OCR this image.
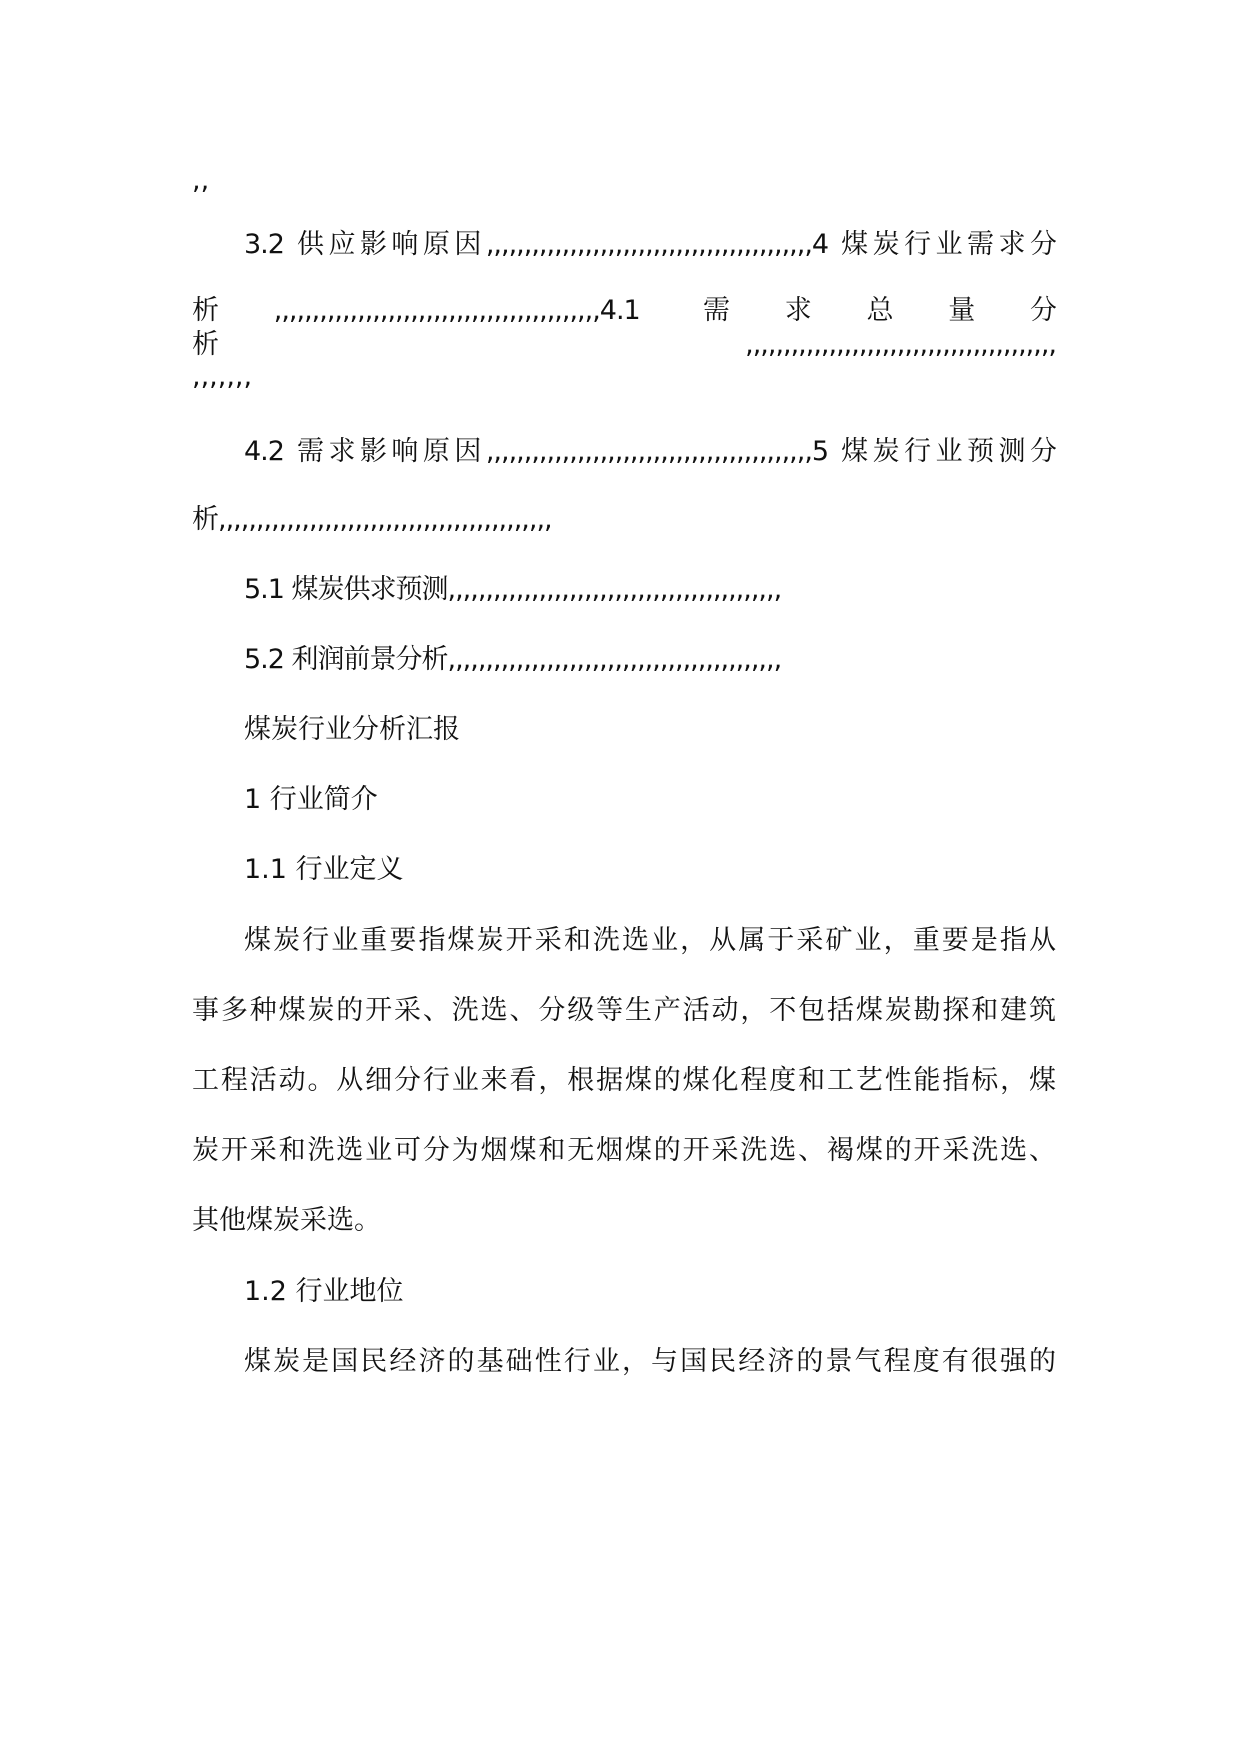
,,
3.2 供应影响原因,,,,,,,,,,,,,,,,,,,,,,,,,,,,,,,,,,,,,,,,,,,4 煤炭行业需求分
析,,,,,,,,,,,,,,,,,,,,,,,,,,,,,,,,,,,,,,,,,,,4.1 需求总量分析,,,,,,,,,,,,,,,,,,,,,,,,,,,,,,,,,,,,,,,,,
,,,,,,,
4.2 需求影响原因,,,,,,,,,,,,,,,,,,,,,,,,,,,,,,,,,,,,,,,,,,,5 煤炭行业预测分
析,,,,,,,,,,,,,,,,,,,,,,,,,,,,,,,,,,,,,,,,,,,,
5.1 煤炭供求预测,,,,,,,,,,,,,,,,,,,,,,,,,,,,,,,,,,,,,,,,,,,,
5.2 利润前景分析,,,,,,,,,,,,,,,,,,,,,,,,,,,,,,,,,,,,,,,,,,,,
煤炭行业分析汇报
1 行业简介
1.1 行业定义
煤炭行业重要指煤炭开采和洗选业，从属于采矿业，重要是指从
事多种煤炭的开采、洗选、分级等生产活动，不包括煤炭勘探和建筑
工程活动。从细分行业来看，根据煤的煤化程度和工艺性能指标，煤
炭开采和洗选业可分为烟煤和无烟煤的开采洗选、褐煤的开采洗选、
其他煤炭采选。
1.2 行业地位
煤炭是国民经济的基础性行业，与国民经济的景气程度有很强的
